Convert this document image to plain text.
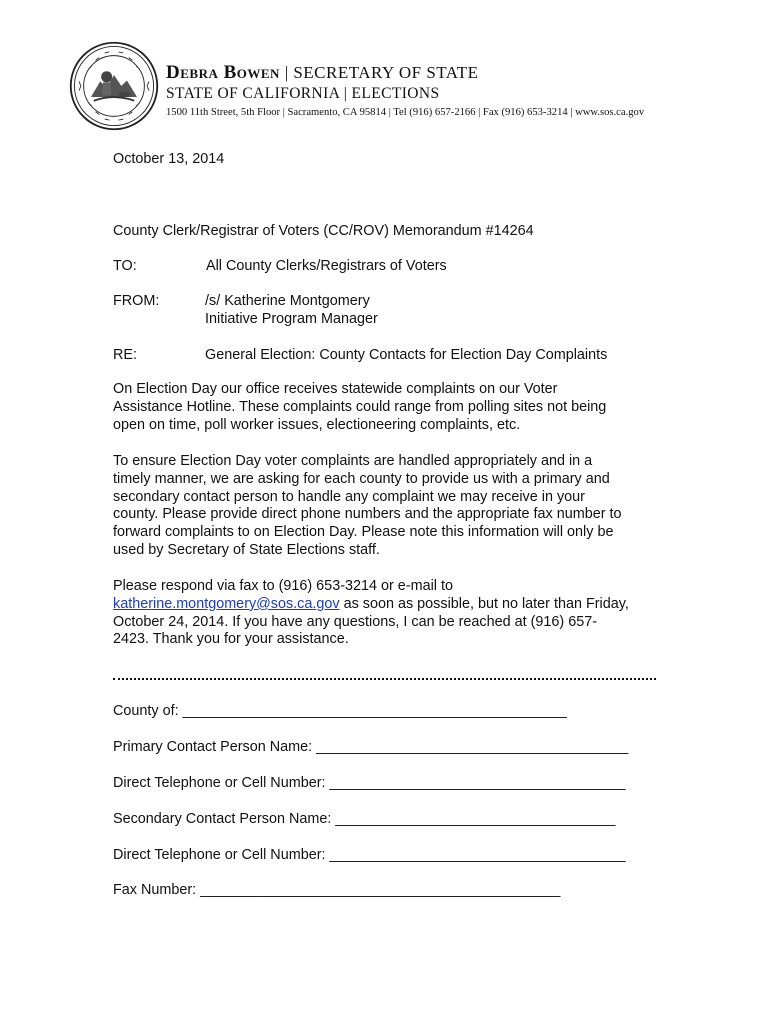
Debra Bowen | SECRETARY OF STATE
STATE OF CALIFORNIA | ELECTIONS
1500 11th Street, 5th Floor | Sacramento, CA 95814 | Tel (916) 657-2166 | Fax (916) 653-3214 | www.sos.ca.gov
October 13, 2014
County Clerk/Registrar of Voters (CC/ROV) Memorandum #14264
TO:	All County Clerks/Registrars of Voters
FROM:	/s/ Katherine Montgomery
Initiative Program Manager
RE:	General Election: County Contacts for Election Day Complaints
On Election Day our office receives statewide complaints on our Voter
Assistance Hotline. These complaints could range from polling sites not being
open on time, poll worker issues, electioneering complaints, etc.
To ensure Election Day voter complaints are handled appropriately and in a
timely manner, we are asking for each county to provide us with a primary and
secondary contact person to handle any complaint we may receive in your
county. Please provide direct phone numbers and the appropriate fax number to
forward complaints to on Election Day. Please note this information will only be
used by Secretary of State Elections staff.
Please respond via fax to (916) 653-3214 or e-mail to
katherine.montgomery@sos.ca.gov as soon as possible, but no later than Friday,
October 24, 2014. If you have any questions, I can be reached at (916) 657-
2423. Thank you for your assistance.
County of: ________________________________________________
Primary Contact Person Name: _______________________________________
Direct Telephone or Cell Number: _____________________________________
Secondary Contact Person Name: ___________________________________
Direct Telephone or Cell Number: _____________________________________
Fax Number: _____________________________________________
